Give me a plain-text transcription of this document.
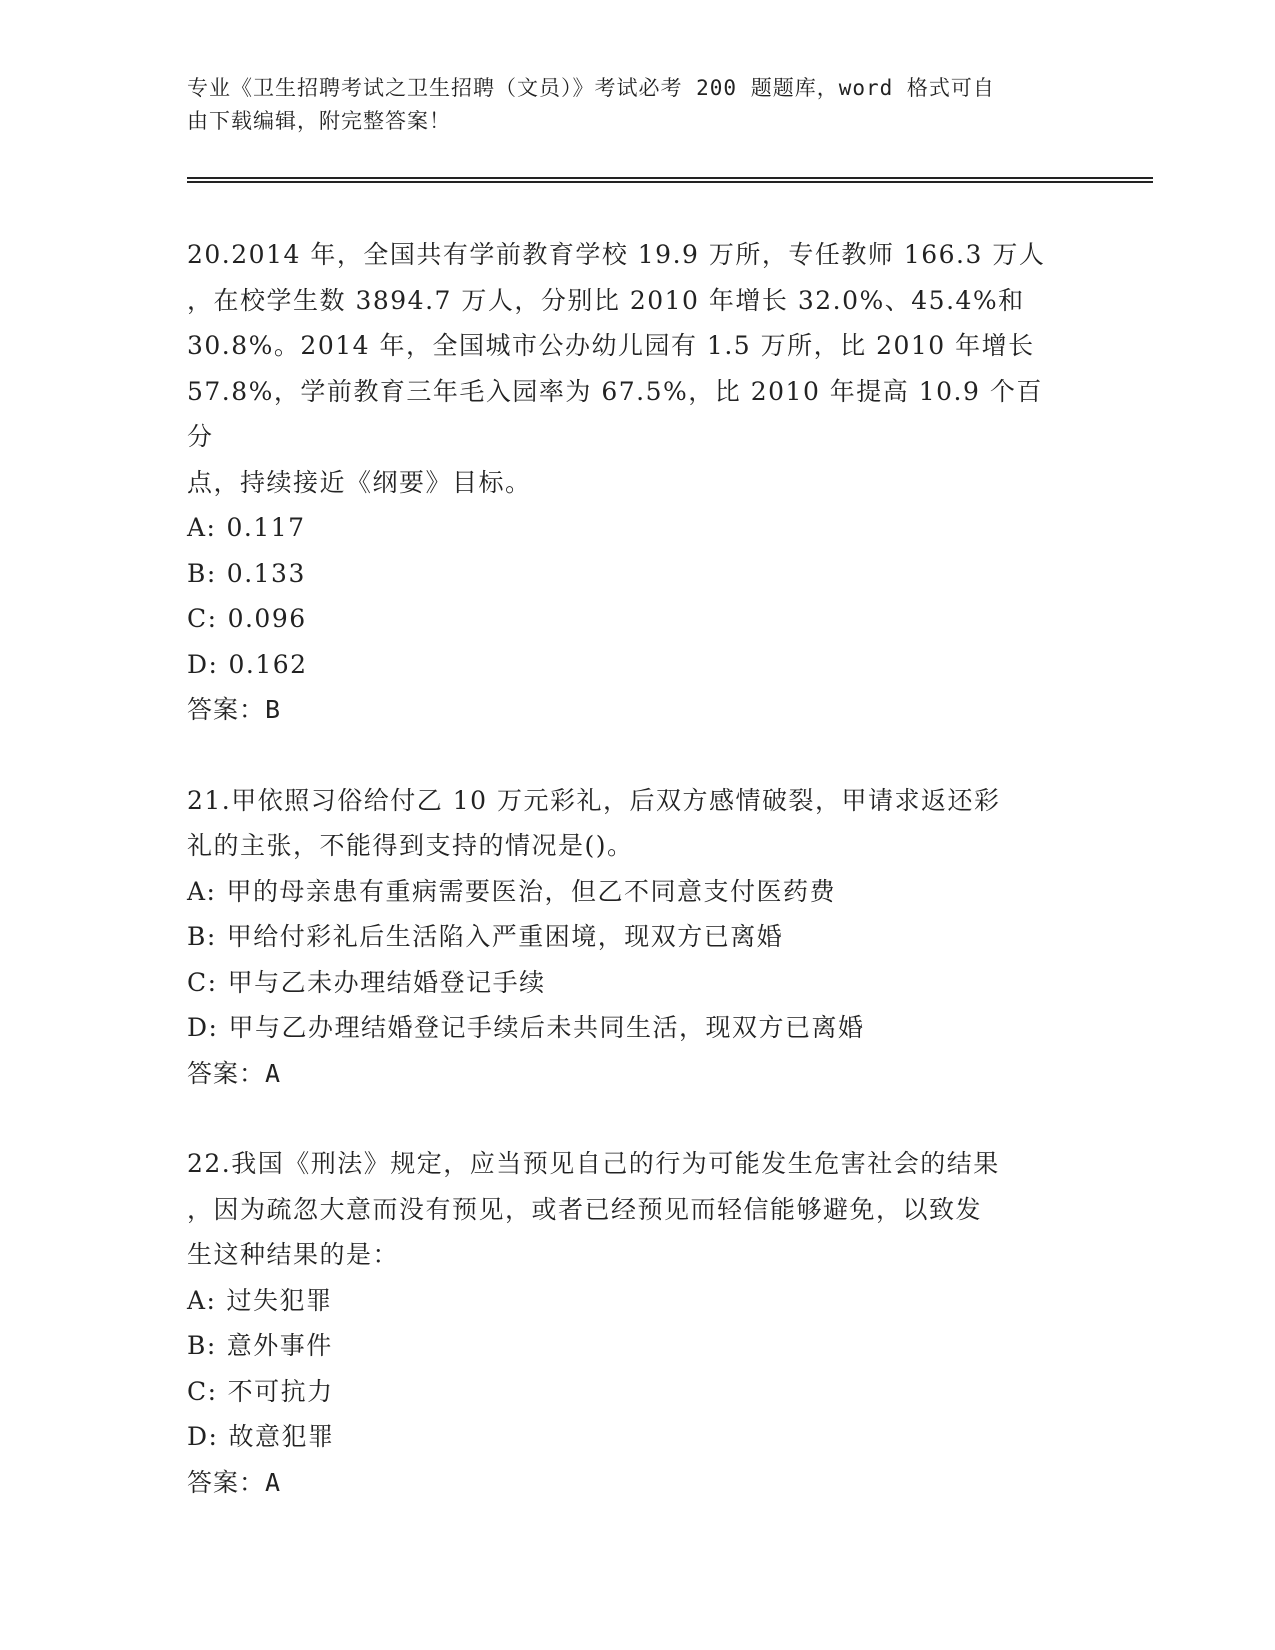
专业《卫生招聘考试之卫生招聘（文员）》考试必考 200 题题库，word 格式可自
由下载编辑，附完整答案！

20.2014 年，全国共有学前教育学校 19.9 万所，专任教师 166.3 万人

，在校学生数 3894.7 万人，分别比 2010 年增长 32.0%、45.4%和

30.8%。2014 年，全国城市公办幼儿园有 1.5 万所，比 2010 年增长

57.8%，学前教育三年毛入园率为 67.5%，比 2010 年提高 10.9 个百分

点，持续接近《纲要》目标。

A: 0.117
B: 0.133
C: 0.096
D: 0.162

答案：B

21.甲依照习俗给付乙 10 万元彩礼，后双方感情破裂，甲请求返还彩

礼的主张，不能得到支持的情况是()。

A: 甲的母亲患有重病需要医治，但乙不同意支付医药费
B: 甲给付彩礼后生活陷入严重困境，现双方已离婚
C: 甲与乙未办理结婚登记手续
D: 甲与乙办理结婚登记手续后未共同生活，现双方已离婚

答案：A

22.我国《刑法》规定，应当预见自己的行为可能发生危害社会的结果

，因为疏忽大意而没有预见，或者已经预见而轻信能够避免，以致发

生这种结果的是：

A: 过失犯罪
B: 意外事件
C: 不可抗力
D: 故意犯罪

答案：A
